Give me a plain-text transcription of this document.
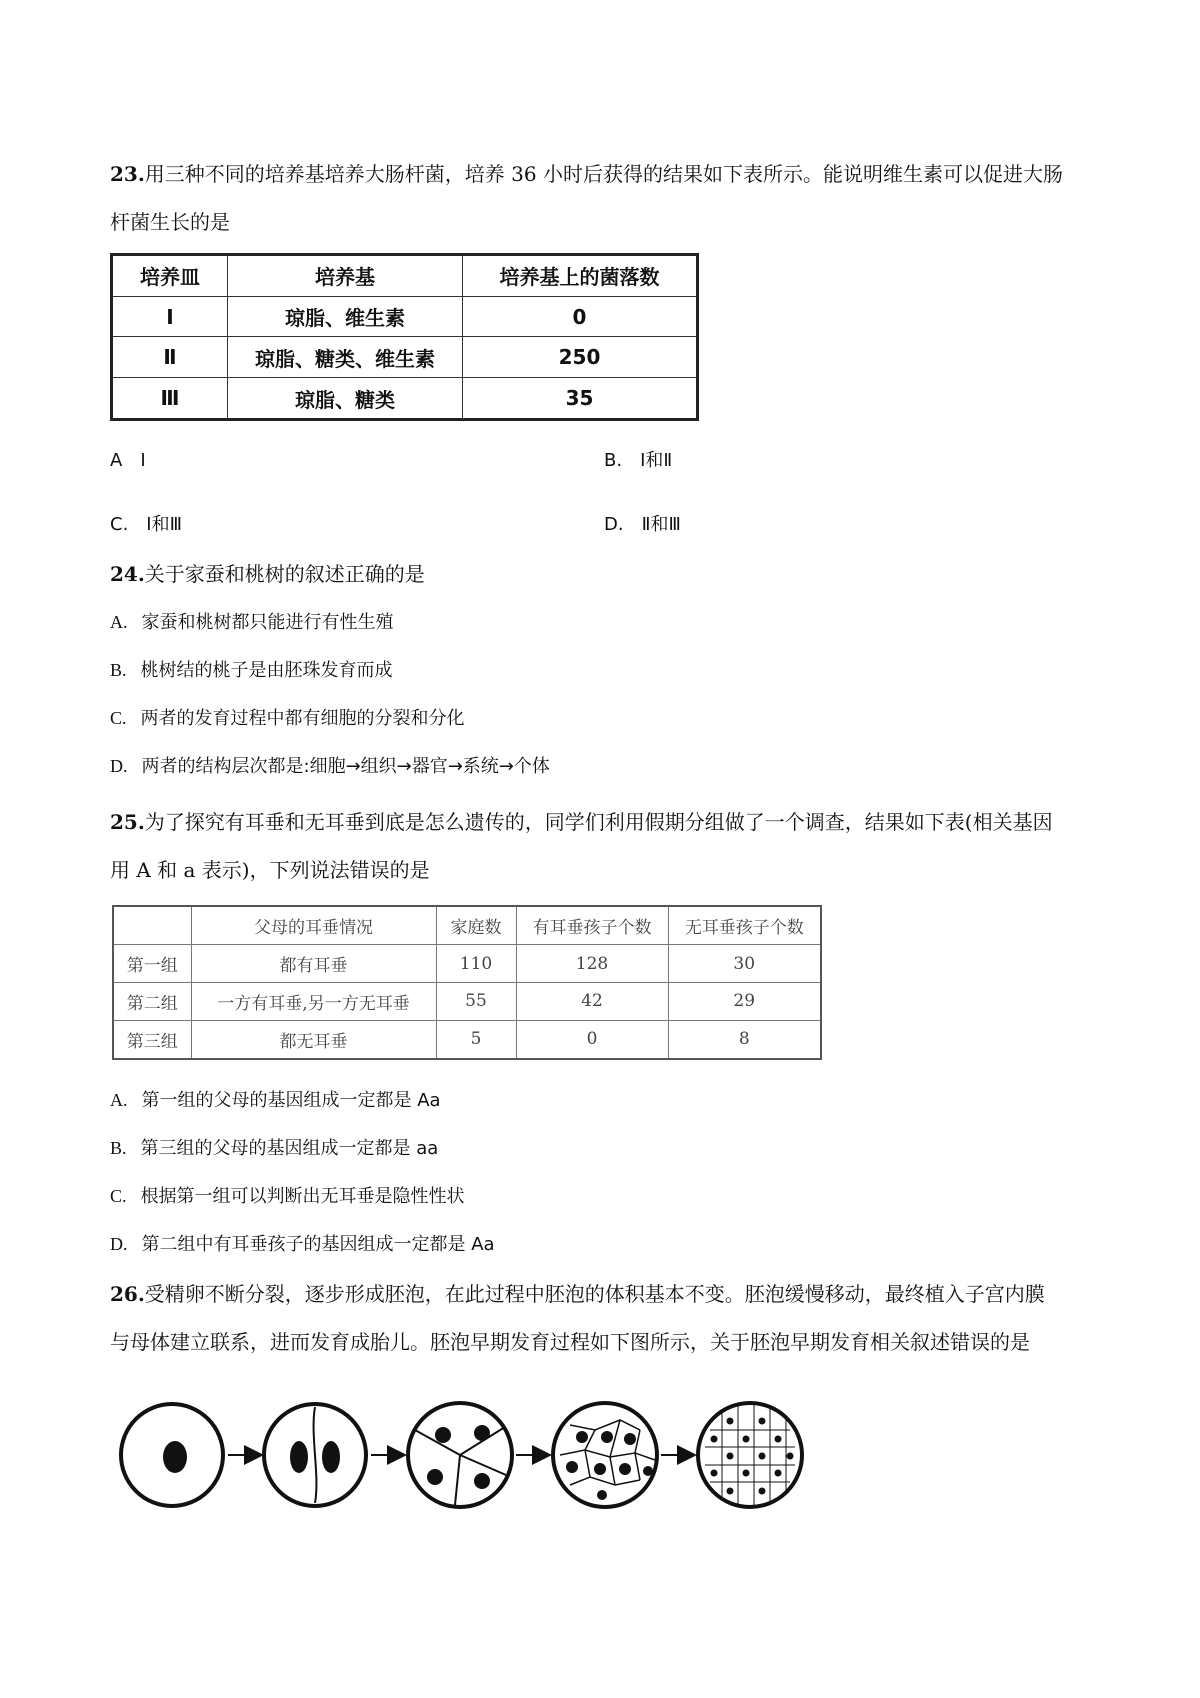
23.用三种不同的培养基培养大肠杆菌，培养 36 小时后获得的结果如下表所示。能说明维生素可以促进大肠
杆菌生长的是
培养皿	培养基	培养基上的菌落数
Ⅰ	琼脂、维生素	0
Ⅱ	琼脂、糖类、维生素	250
Ⅲ	琼脂、糖类	35
A　Ⅰ	B.　Ⅰ和Ⅱ
C.　Ⅰ和Ⅲ	D.　Ⅱ和Ⅲ
24.关于家蚕和桃树的叙述正确的是
A. 家蚕和桃树都只能进行有性生殖
B. 桃树结的桃子是由胚珠发育而成
C. 两者的发育过程中都有细胞的分裂和分化
D. 两者的结构层次都是:细胞→组织→器官→系统→个体
25.为了探究有耳垂和无耳垂到底是怎么遗传的，同学们利用假期分组做了一个调查，结果如下表(相关基因
用 A 和 a 表示)，下列说法错误的是
	父母的耳垂情况	家庭数	有耳垂孩子个数	无耳垂孩子个数
第一组	都有耳垂	110	128	30
第二组	一方有耳垂,另一方无耳垂	55	42	29
第三组	都无耳垂	5	0	8
A. 第一组的父母的基因组成一定都是 Aa
B. 第三组的父母的基因组成一定都是 aa
C. 根据第一组可以判断出无耳垂是隐性性状
D. 第二组中有耳垂孩子的基因组成一定都是 Aa
26.受精卵不断分裂，逐步形成胚泡，在此过程中胚泡的体积基本不变。胚泡缓慢移动，最终植入子宫内膜
与母体建立联系，进而发育成胎儿。胚泡早期发育过程如下图所示，关于胚泡早期发育相关叙述错误的是
